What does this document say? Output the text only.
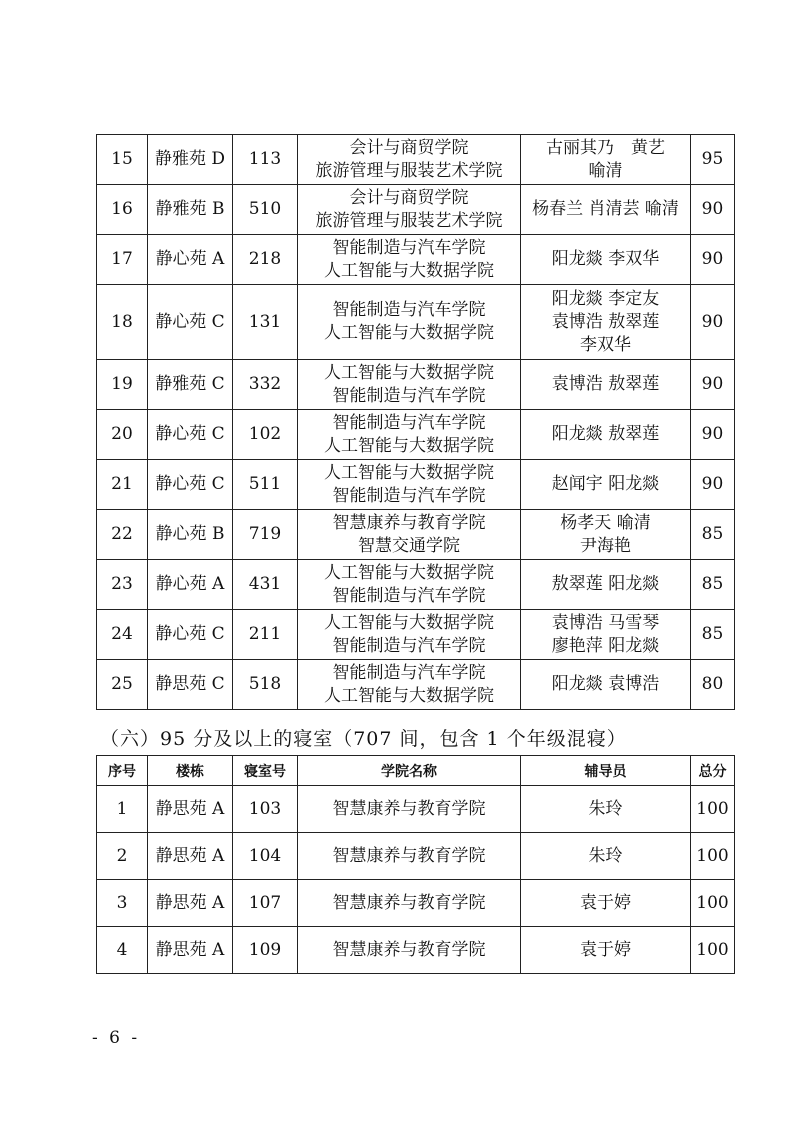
15	静雅苑 D	113	会计与商贸学院
旅游管理与服装艺术学院	古丽其乃　黄艺
喻清	95
16	静雅苑 B	510	会计与商贸学院
旅游管理与服装艺术学院	杨春兰 肖清芸 喻清	90
17	静心苑 A	218	智能制造与汽车学院
人工智能与大数据学院	阳龙燚 李双华	90
18	静心苑 C	131	智能制造与汽车学院
人工智能与大数据学院	阳龙燚 李定友
袁博浩 敖翠莲
李双华	90
19	静雅苑 C	332	人工智能与大数据学院
智能制造与汽车学院	袁博浩 敖翠莲	90
20	静心苑 C	102	智能制造与汽车学院
人工智能与大数据学院	阳龙燚 敖翠莲	90
21	静心苑 C	511	人工智能与大数据学院
智能制造与汽车学院	赵闻宇 阳龙燚	90
22	静心苑 B	719	智慧康养与教育学院
智慧交通学院	杨孝天 喻清
尹海艳	85
23	静心苑 A	431	人工智能与大数据学院
智能制造与汽车学院	敖翠莲 阳龙燚	85
24	静心苑 C	211	人工智能与大数据学院
智能制造与汽车学院	袁博浩 马雪琴
廖艳萍 阳龙燚	85
25	静思苑 C	518	智能制造与汽车学院
人工智能与大数据学院	阳龙燚 袁博浩	80
（六）95 分及以上的寝室（707 间，包含 1 个年级混寝）
序号	楼栋	寝室号	学院名称	辅导员	总分
1	静思苑 A	103	智慧康养与教育学院	朱玲	100
2	静思苑 A	104	智慧康养与教育学院	朱玲	100
3	静思苑 A	107	智慧康养与教育学院	袁于婷	100
4	静思苑 A	109	智慧康养与教育学院	袁于婷	100
- 6 -
